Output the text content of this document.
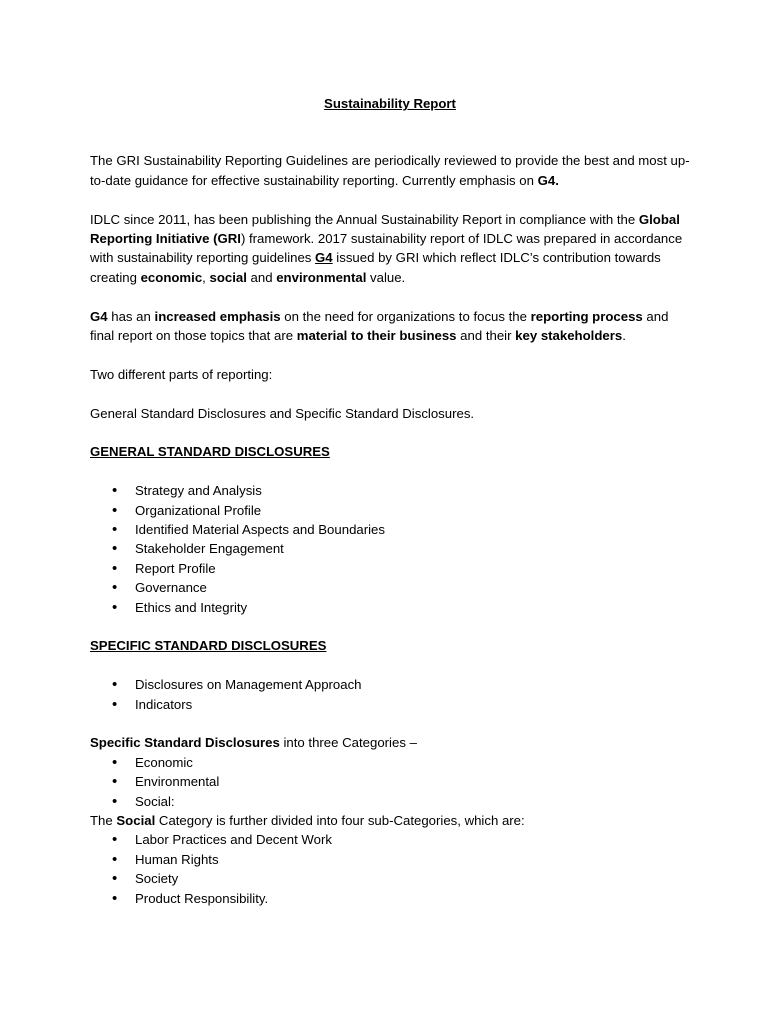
Sustainability Report

The GRI Sustainability Reporting Guidelines are periodically reviewed to provide the best and most up-to-date guidance for effective sustainability reporting. Currently emphasis on G4.

IDLC since 2011, has been publishing the Annual Sustainability Report in compliance with the Global Reporting Initiative (GRI) framework. 2017 sustainability report of IDLC was prepared in accordance with sustainability reporting guidelines G4 issued by GRI which reflect IDLC’s contribution towards creating economic, social and environmental value.

G4 has an increased emphasis on the need for organizations to focus the reporting process and final report on those topics that are material to their business and their key stakeholders.

Two different parts of reporting:

General Standard Disclosures and Specific Standard Disclosures.

GENERAL STANDARD DISCLOSURES
• Strategy and Analysis
• Organizational Profile
• Identified Material Aspects and Boundaries
• Stakeholder Engagement
• Report Profile
• Governance
• Ethics and Integrity
SPECIFIC STANDARD DISCLOSURES
• Disclosures on Management Approach
• Indicators

Specific Standard Disclosures into three Categories –

• Economic
• Environmental
• Social:

The Social Category is further divided into four sub-Categories, which are:

• Labor Practices and Decent Work
• Human Rights
• Society
• Product Responsibility.
